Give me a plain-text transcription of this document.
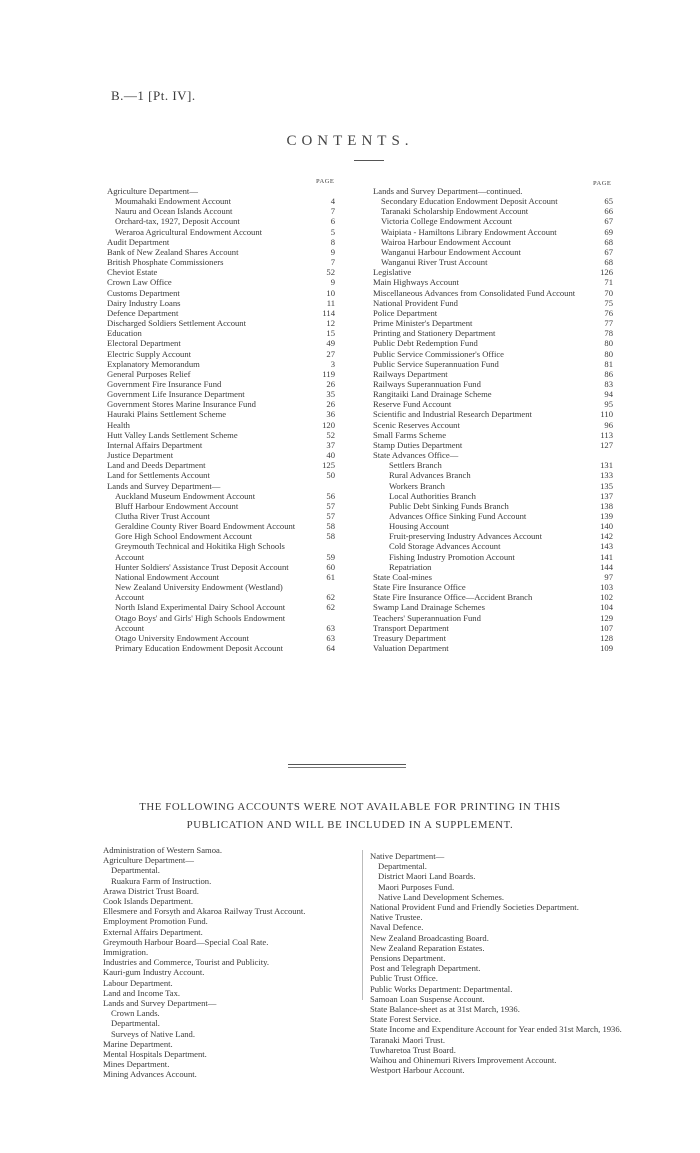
B.—1 [Pt. IV].
CONTENTS.
PAGE	PAGE
Agriculture Department—
Moumahaki Endowment Account	4
Nauru and Ocean Islands Account	7
Orchard-tax, 1927, Deposit Account	6
Weraroa Agricultural Endowment Account	5
Audit Department	8
Bank of New Zealand Shares Account	9
British Phosphate Commissioners	7
Cheviot Estate	52
Crown Law Office	9
Customs Department	10
Dairy Industry Loans	11
Defence Department	114
Discharged Soldiers Settlement Account	12
Education	15
Electoral Department	49
Electric Supply Account	27
Explanatory Memorandum	3
General Purposes Relief	119
Government Fire Insurance Fund	26
Government Life Insurance Department	35
Government Stores Marine Insurance Fund	26
Hauraki Plains Settlement Scheme	36
Health	120
Hutt Valley Lands Settlement Scheme	52
Internal Affairs Department	37
Justice Department	40
Land and Deeds Department	125
Land for Settlements Account	50
Lands and Survey Department—
Auckland Museum Endowment Account	56
Bluff Harbour Endowment Account	57
Clutha River Trust Account	57
Geraldine County River Board Endowment Account	58
Gore High School Endowment Account	58
Greymouth Technical and Hokitika High Schools Account	59
Hunter Soldiers' Assistance Trust Deposit Account	60
National Endowment Account	61
New Zealand University Endowment (Westland) Account	62
North Island Experimental Dairy School Account	62
Otago Boys' and Girls' High Schools Endowment Account	63
Otago University Endowment Account	63
Primary Education Endowment Deposit Account	64
Lands and Survey Department—continued.
Secondary Education Endowment Deposit Account	65
Taranaki Scholarship Endowment Account	66
Victoria College Endowment Account	67
Waipiata - Hamiltons Library Endowment Account	69
Wairoa Harbour Endowment Account	68
Wanganui Harbour Endowment Account	67
Wanganui River Trust Account	68
Legislative	126
Main Highways Account	71
Miscellaneous Advances from Consolidated Fund Account	70
National Provident Fund	75
Police Department	76
Prime Minister's Department	77
Printing and Stationery Department	78
Public Debt Redemption Fund	80
Public Service Commissioner's Office	80
Public Service Superannuation Fund	81
Railways Department	86
Railways Superannuation Fund	83
Rangitaiki Land Drainage Scheme	94
Reserve Fund Account	95
Scientific and Industrial Research Department	110
Scenic Reserves Account	96
Small Farms Scheme	113
Stamp Duties Department	127
State Advances Office—
Settlers Branch	131
Rural Advances Branch	133
Workers Branch	135
Local Authorities Branch	137
Public Debt Sinking Funds Branch	138
Advances Office Sinking Fund Account	139
Housing Account	140
Fruit-preserving Industry Advances Account	142
Cold Storage Advances Account	143
Fishing Industry Promotion Account	141
Repatriation	144
State Coal-mines	97
State Fire Insurance Office	103
State Fire Insurance Office—Accident Branch	102
Swamp Land Drainage Schemes	104
Teachers' Superannuation Fund	129
Transport Department	107
Treasury Department	128
Valuation Department	109
THE FOLLOWING ACCOUNTS WERE NOT AVAILABLE FOR PRINTING IN THIS PUBLICATION AND WILL BE INCLUDED IN A SUPPLEMENT.
Administration of Western Samoa.
Agriculture Department—
Departmental.
Ruakura Farm of Instruction.
Arawa District Trust Board.
Cook Islands Department.
Ellesmere and Forsyth and Akaroa Railway Trust Account.
Employment Promotion Fund.
External Affairs Department.
Greymouth Harbour Board—Special Coal Rate.
Immigration.
Industries and Commerce, Tourist and Publicity.
Kauri-gum Industry Account.
Labour Department.
Land and Income Tax.
Lands and Survey Department—
Crown Lands.
Departmental.
Surveys of Native Land.
Marine Department.
Mental Hospitals Department.
Mines Department.
Mining Advances Account.
Native Department—
Departmental.
District Maori Land Boards.
Maori Purposes Fund.
Native Land Development Schemes.
National Provident Fund and Friendly Societies Department.
Native Trustee.
Naval Defence.
New Zealand Broadcasting Board.
New Zealand Reparation Estates.
Pensions Department.
Post and Telegraph Department.
Public Trust Office.
Public Works Department: Departmental.
Samoan Loan Suspense Account.
State Balance-sheet as at 31st March, 1936.
State Forest Service.
State Income and Expenditure Account for Year ended 31st March, 1936.
Taranaki Maori Trust.
Tuwharetoa Trust Board.
Waihou and Ohinemuri Rivers Improvement Account.
Westport Harbour Account.
